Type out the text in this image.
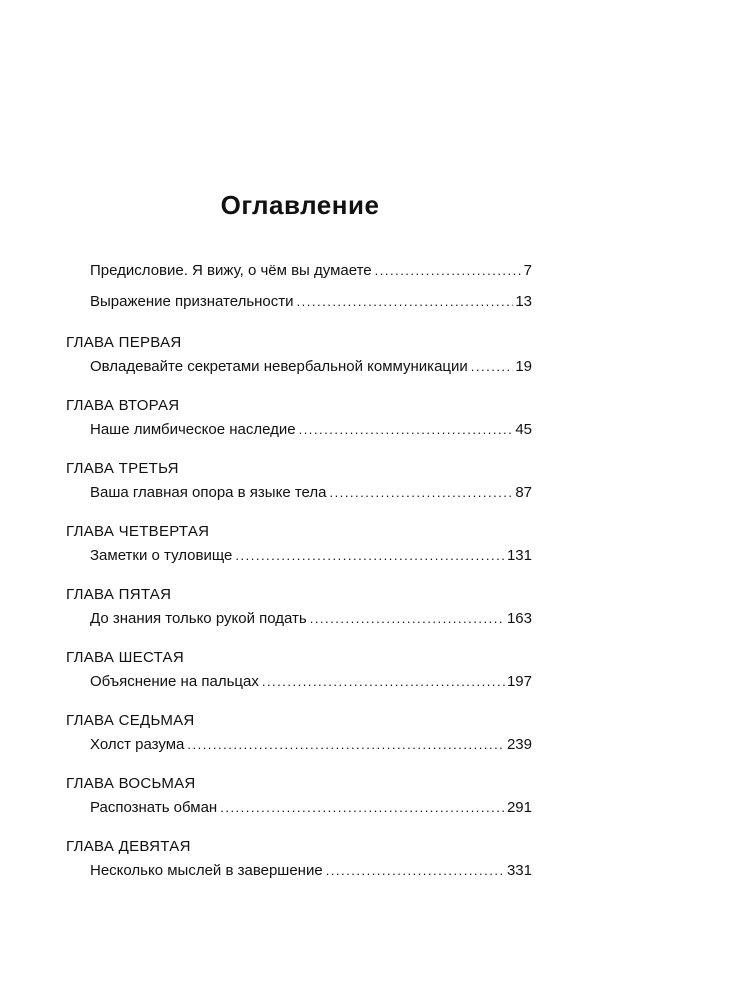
Оглавление
Предисловие. Я вижу, о чём вы думаете .....	7
Выражение признательности .....	13
ГЛАВА ПЕРВАЯ
Овладевайте секретами невербальной коммуникации .....	19
ГЛАВА ВТОРАЯ
Наше лимбическое наследие .....	45
ГЛАВА ТРЕТЬЯ
Ваша главная опора в языке тела .....	87
ГЛАВА ЧЕТВЕРТАЯ
Заметки о туловище .....	131
ГЛАВА ПЯТАЯ
До знания только рукой подать .....	163
ГЛАВА ШЕСТАЯ
Объяснение на пальцах .....	197
ГЛАВА СЕДЬМАЯ
Холст разума .....	239
ГЛАВА ВОСЬМАЯ
Распознать обман .....	291
ГЛАВА ДЕВЯТАЯ
Несколько мыслей в завершение .....	331
